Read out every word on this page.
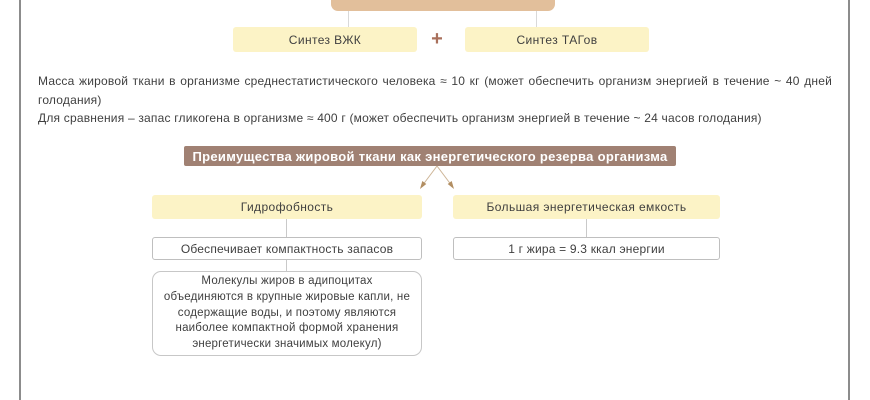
Синтез ВЖК	+	Синтез ТАГов

Масса жировой ткани в организме среднестатистического человека ≈ 10 кг (может обеспечить организм энергией в течение ~ 40 дней голодания)

Для сравнения – запас гликогена в организме ≈ 400 г (может обеспечить организм энергией в течение ~ 24 часов голодания)

Преимущества жировой ткани как энергетического резерва организма
Гидрофобность	Большая энергетическая емкость
Обеспечивает компактность запасов	1 г жира = 9.3 ккал энергии
Молекулы жиров в адипоцитах объединяются в крупные жировые капли, не содержащие воды, и поэтому являются наиболее компактной формой хранения энергетически значимых молекул)
